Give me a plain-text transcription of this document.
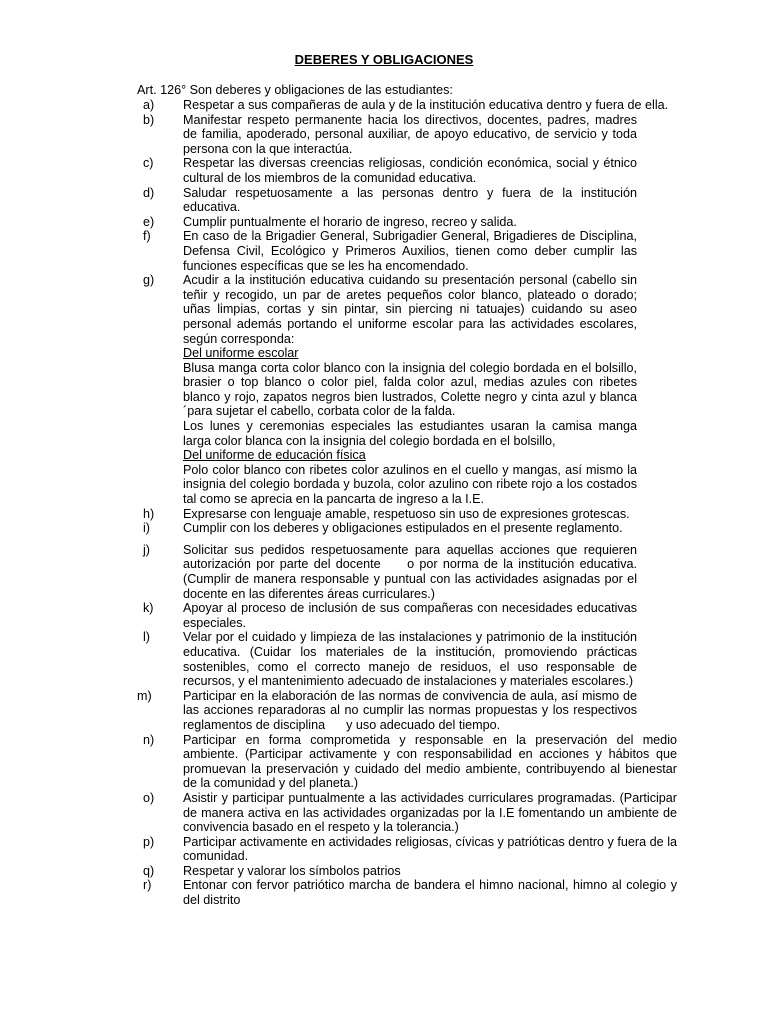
DEBERES Y OBLIGACIONES

Art. 126° Son deberes y obligaciones de las estudiantes:

a)	Respetar a sus compañeras de aula y de la institución educativa dentro y fuera de ella.
b)	Manifestar respeto permanente hacia los directivos, docentes, padres, madres de familia, apoderado, personal auxiliar, de apoyo educativo, de servicio y toda persona con la que interactúa.
c)	Respetar las diversas creencias religiosas, condición económica, social y étnico cultural de los miembros de la comunidad educativa.
d)	Saludar respetuosamente a las personas dentro y fuera de la institución educativa.
e)	Cumplir puntualmente el horario de ingreso, recreo y salida.
f)	En caso de la Brigadier General, Subrigadier General, Brigadieres de Disciplina, Defensa Civil, Ecológico y Primeros Auxilios, tienen como deber cumplir las funciones específicas que se les ha encomendado.
g)	Acudir a la institución educativa cuidando su presentación personal (cabello sin teñir y recogido, un par de aretes pequeños color blanco, plateado o dorado; uñas limpias, cortas y sin pintar, sin piercing ni tatuajes) cuidando su aseo personal además portando el uniforme escolar para las actividades escolares, según corresponda:
Del uniforme escolar
Blusa manga corta color blanco con la insignia del colegio bordada en el bolsillo, brasier o top blanco o color piel, falda color azul, medias azules con ribetes blanco y rojo, zapatos negros bien lustrados, Colette negro y cinta azul y blanca ´para sujetar el cabello, corbata color de la falda.
Los lunes y ceremonias especiales las estudiantes usaran la camisa manga larga color blanca con la insignia del colegio bordada en el bolsillo,
Del uniforme de educación física
Polo color blanco con ribetes color azulinos en el cuello y mangas, así mismo la insignia del colegio bordada y buzola, color azulino con ribete rojo a los costados tal como se aprecia en la pancarta de ingreso a la I.E.
h)	Expresarse con lenguaje amable, respetuoso sin uso de expresiones grotescas.
i)	Cumplir con los deberes y obligaciones estipulados en el presente reglamento.
j)	Solicitar sus pedidos respetuosamente para aquellas acciones que requieren autorización por parte del docente     o por norma de la institución educativa. (Cumplir de manera responsable y puntual con las actividades asignadas por el docente en las diferentes áreas curriculares.)
k)	Apoyar al proceso de inclusión de sus compañeras con necesidades educativas especiales.
l)	Velar por el cuidado y limpieza de las instalaciones y patrimonio de la institución educativa. (Cuidar los materiales de la institución, promoviendo prácticas sostenibles, como el correcto manejo de residuos, el uso responsable de recursos, y el mantenimiento adecuado de instalaciones y materiales escolares.)
m)	Participar en la elaboración de las normas de convivencia de aula, así mismo de las acciones reparadoras al no cumplir las normas propuestas y los respectivos reglamentos de disciplina      y uso adecuado del tiempo.
n)	Participar en forma comprometida y responsable en la preservación del medio ambiente. (Participar activamente y con responsabilidad en acciones y hábitos que promuevan la preservación y cuidado del medio ambiente, contribuyendo al bienestar de la comunidad y del planeta.)
o)	Asistir y participar puntualmente a las actividades curriculares programadas. (Participar de manera activa en las actividades organizadas por la I.E fomentando un ambiente de convivencia basado en el respeto y la tolerancia.)
p)	Participar activamente en actividades religiosas, cívicas y patrióticas dentro y fuera de la comunidad.
q)	Respetar y valorar los símbolos patrios
r)	Entonar con fervor patriótico marcha de bandera el himno nacional, himno al colegio y del distrito
